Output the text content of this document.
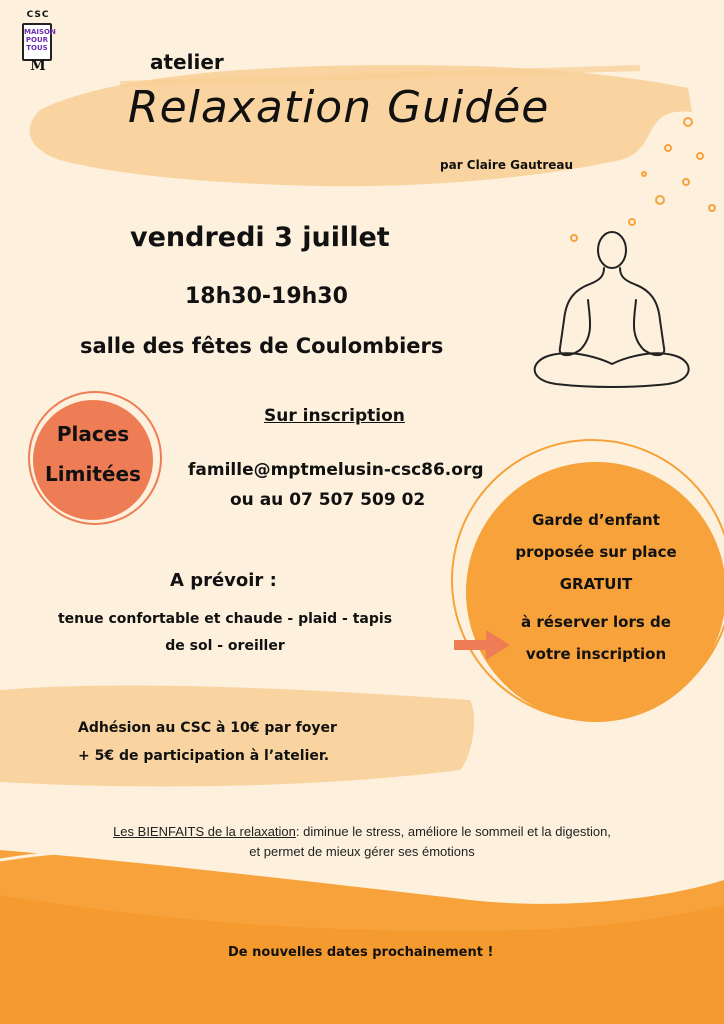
CSC
MAISON POUR TOUS
M	atelier
Relaxation Guidée
par Claire Gautreau
vendredi 3 juillet
18h30-19h30
salle des fêtes de Coulombiers
Places
Limitées
Sur inscription
famille@mptmelusin-csc86.org
ou au 07 507 509 02
A prévoir :
tenue confortable et chaude - plaid - tapis
de sol - oreiller
Garde d’enfant
proposée sur place
GRATUIT
à réserver lors de
votre inscription
Adhésion au CSC à 10€ par foyer
+ 5€ de participation à l’atelier.
Les BIENFAITS de la relaxation: diminue le stress, améliore le sommeil et la digestion,
et permet de mieux gérer ses émotions
De nouvelles dates prochainement !
